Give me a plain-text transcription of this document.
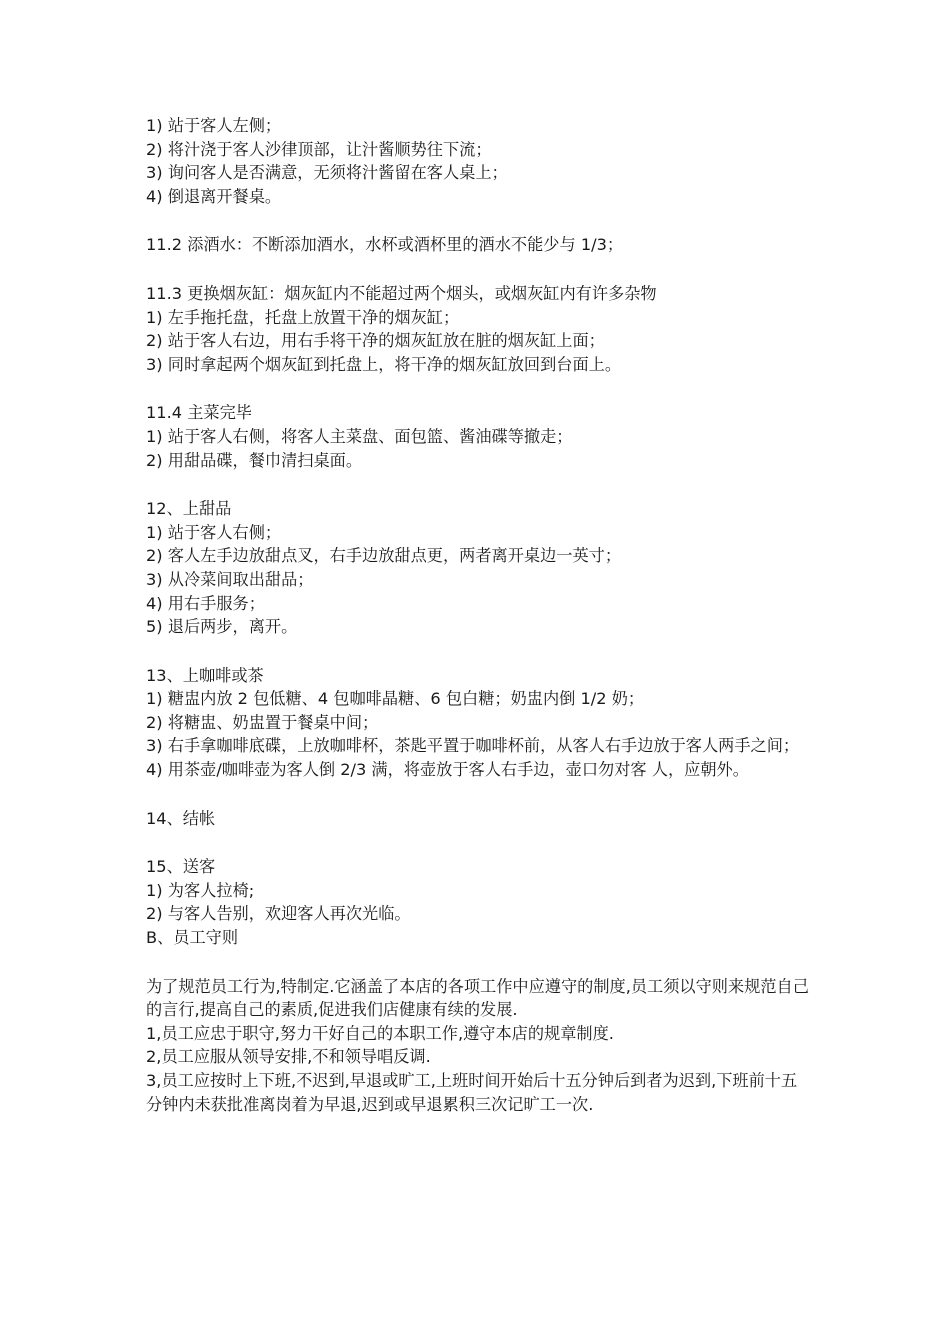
1) 站于客人左侧；
2) 将汁浇于客人沙律顶部，让汁酱顺势往下流；
3) 询问客人是否满意，无须将汁酱留在客人桌上；
4) 倒退离开餐桌。
11.2 添酒水：不断添加酒水，水杯或酒杯里的酒水不能少与 1/3；
11.3 更换烟灰缸：烟灰缸内不能超过两个烟头，或烟灰缸内有许多杂物
1) 左手拖托盘，托盘上放置干净的烟灰缸；
2) 站于客人右边，用右手将干净的烟灰缸放在脏的烟灰缸上面；
3) 同时拿起两个烟灰缸到托盘上，将干净的烟灰缸放回到台面上。
11.4 主菜完毕
1) 站于客人右侧，将客人主菜盘、面包篮、酱油碟等撤走；
2) 用甜品碟，餐巾清扫桌面。
12、上甜品
1) 站于客人右侧；
2) 客人左手边放甜点叉，右手边放甜点更，两者离开桌边一英寸；
3) 从冷菜间取出甜品；
4) 用右手服务；
5) 退后两步，离开。
13、上咖啡或茶
1) 糖盅内放 2 包低糖、4 包咖啡晶糖、6 包白糖；奶盅内倒 1/2 奶；
2) 将糖盅、奶盅置于餐桌中间；
3) 右手拿咖啡底碟，上放咖啡杯，茶匙平置于咖啡杯前，从客人右手边放于客人两手之间；
4) 用茶壶/咖啡壶为客人倒 2/3 满，将壶放于客人右手边，壶口勿对客 人，应朝外。
14、结帐
15、送客
1) 为客人拉椅;
2) 与客人告别，欢迎客人再次光临。
B、员工守则
为了规范员工行为,特制定.它涵盖了本店的各项工作中应遵守的制度,员工须以守则来规范自己的言行,提高自己的素质,促进我们店健康有续的发展.
1,员工应忠于职守,努力干好自己的本职工作,遵守本店的规章制度.
2,员工应服从领导安排,不和领导唱反调.
3,员工应按时上下班,不迟到,早退或旷工,上班时间开始后十五分钟后到者为迟到,下班前十五分钟内未获批准离岗着为早退,迟到或早退累积三次记旷工一次.
